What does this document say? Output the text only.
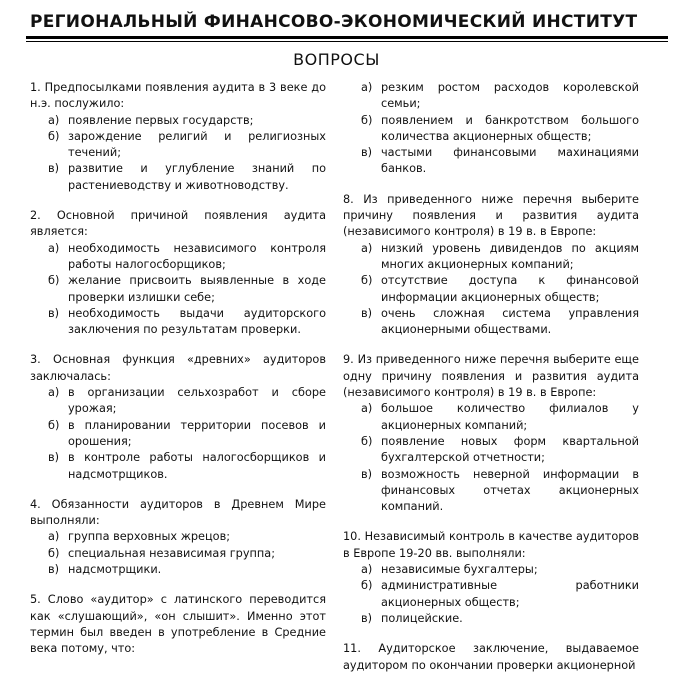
РЕГИОНАЛЬНЫЙ ФИНАНСОВО-ЭКОНОМИЧЕСКИЙ ИНСТИТУТ
ВОПРОСЫ
1. Предпосылками появления аудита в 3 веке до н.э. послужило:
а) появление первых государств;
б) зарождение религий и религиозных течений;
в) развитие и углубление знаний по растениеводству и животноводству.
2. Основной причиной появления аудита является:
а) необходимость независимого контроля работы налогосборщиков;
б) желание присвоить выявленные в ходе проверки излишки себе;
в) необходимость выдачи аудиторского заключения по результатам проверки.
3. Основная функция «древних» аудиторов заключалась:
а) в организации сельхозработ и сборе урожая;
б) в планировании территории посевов и орошения;
в) в контроле работы налогосборщиков и надсмотрщиков.
4. Обязанности аудиторов в Древнем Мире выполняли:
а) группа верховных жрецов;
б) специальная независимая группа;
в) надсмотрщики.
5. Слово «аудитор» с латинского переводится как «слушающий», «он слышит». Именно этот термин был введен в употребление в Средние века потому, что:
а) резким ростом расходов королевской семьи;
б) появлением и банкротством большого количества акционерных обществ;
в) частыми финансовыми махинациями банков.
8. Из приведенного ниже перечня выберите причину появления и развития аудита (независимого контроля) в 19 в. в Европе:
а) низкий уровень дивидендов по акциям многих акционерных компаний;
б) отсутствие доступа к финансовой информации акционерных обществ;
в) очень сложная система управления акционерными обществами.
9. Из приведенного ниже перечня выберите еще одну причину появления и развития аудита (независимого контроля) в 19 в. в Европе:
а) большое количество филиалов у акционерных компаний;
б) появление новых форм квартальной бухгалтерской отчетности;
в) возможность неверной информации в финансовых отчетах акционерных компаний.
10. Независимый контроль в качестве аудиторов в Европе 19-20 вв. выполняли:
а) независимые бухгалтеры;
б) административные работники акционерных обществ;
в) полицейские.
11. Аудиторское заключение, выдаваемое аудитором по окончании проверки акционерной
